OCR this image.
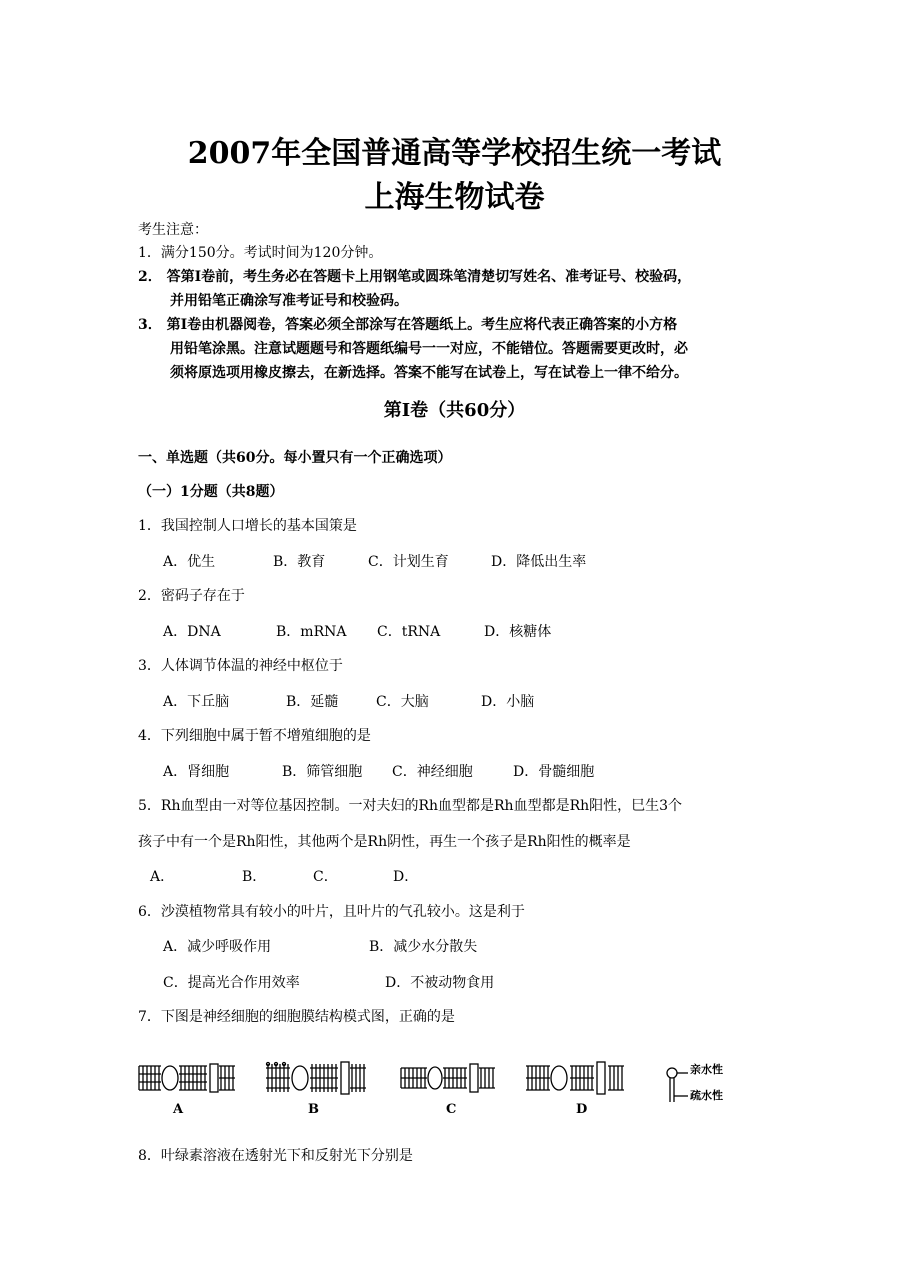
2007年全国普通高等学校招生统一考试
上海生物试卷
考生注意：
1．满分150分。考试时间为120分钟。
2． 答第Ⅰ卷前，考生务必在答题卡上用钢笔或圆珠笔清楚切写姓名、准考证号、校验码，
并用铅笔正确涂写准考证号和校验码。
3． 第Ⅰ卷由机器阅卷，答案必须全部涂写在答题纸上。考生应将代表正确答案的小方格
用铅笔涂黑。注意试题题号和答题纸编号一一对应，不能错位。答题需要更改时，必
须将原选项用橡皮擦去，在新选择。答案不能写在试卷上，写在试卷上一律不给分。
第Ⅰ卷（共60分）
一、单选题（共60分。每小置只有一个正确选项）
（一）1分题（共8题）
1．我国控制人口增长的基本国策是
A．优生	B．教育	C．计划生育	D．降低出生率
2．密码子存在于
A．DNA	B．mRNA C．tRNA	D．核糖体
3．人体调节体温的神经中枢位于
A．下丘脑	B．延髓	C．大脑	D．小脑
4．下列细胞中属于暂不增殖细胞的是
A．肾细胞	B．筛管细胞 C．神经细胞	D．骨髓细胞
5．Rh血型由一对等位基因控制。一对夫妇的Rh血型都是Rh血型都是Rh阳性，巳生3个
孩子中有一个是Rh阳性，其他两个是Rh阴性，再生一个孩子是Rh阳性的概率是
A．	B．	C．	D．
6．沙漠植物常具有较小的叶片，且叶片的气孔较小。这是利于
A．减少呼吸作用	B．减少水分散失
C．提高光合作用效率	D．不被动物食用
7．下图是神经细胞的细胞膜结构模式图，正确的是
亲水性
疏水性
A	B	C	D
8．叶绿素溶液在透射光下和反射光下分别是
